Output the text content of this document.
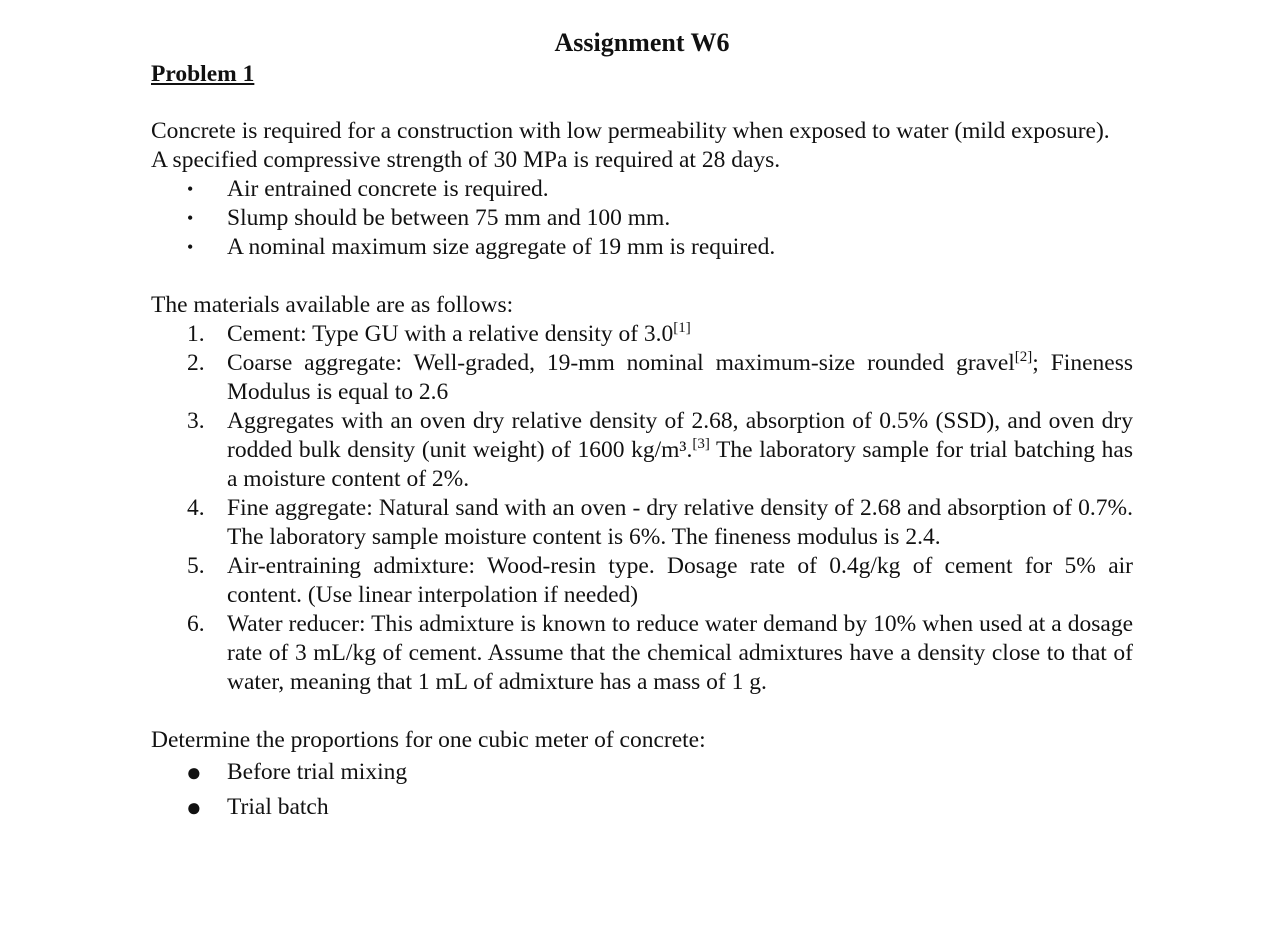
Assignment W6
Problem 1

Concrete is required for a construction with low permeability when exposed to water (mild exposure).

A specified compressive strength of 30 MPa is required at 28 days.

• Air entrained concrete is required.
• Slump should be between 75 mm and 100 mm.
• A nominal maximum size aggregate of 19 mm is required.

The materials available are as follows:

1. Cement: Type GU with a relative density of 3.0[1]
2. Coarse aggregate: Well-graded, 19-mm nominal maximum-size rounded gravel[2]; Fineness Modulus is equal to 2.6
3. Aggregates with an oven dry relative density of 2.68, absorption of 0.5% (SSD), and oven dry rodded bulk density (unit weight) of 1600 kg/m³.[3] The laboratory sample for trial batching has a moisture content of 2%.
4. Fine aggregate: Natural sand with an oven - dry relative density of 2.68 and absorption of 0.7%. The laboratory sample moisture content is 6%. The fineness modulus is 2.4.
5. Air-entraining admixture: Wood-resin type. Dosage rate of 0.4g/kg of cement for 5% air content. (Use linear interpolation if needed)
6. Water reducer: This admixture is known to reduce water demand by 10% when used at a dosage rate of 3 mL/kg of cement. Assume that the chemical admixtures have a density close to that of water, meaning that 1 mL of admixture has a mass of 1 g.

Determine the proportions for one cubic meter of concrete:

● Before trial mixing
● Trial batch
